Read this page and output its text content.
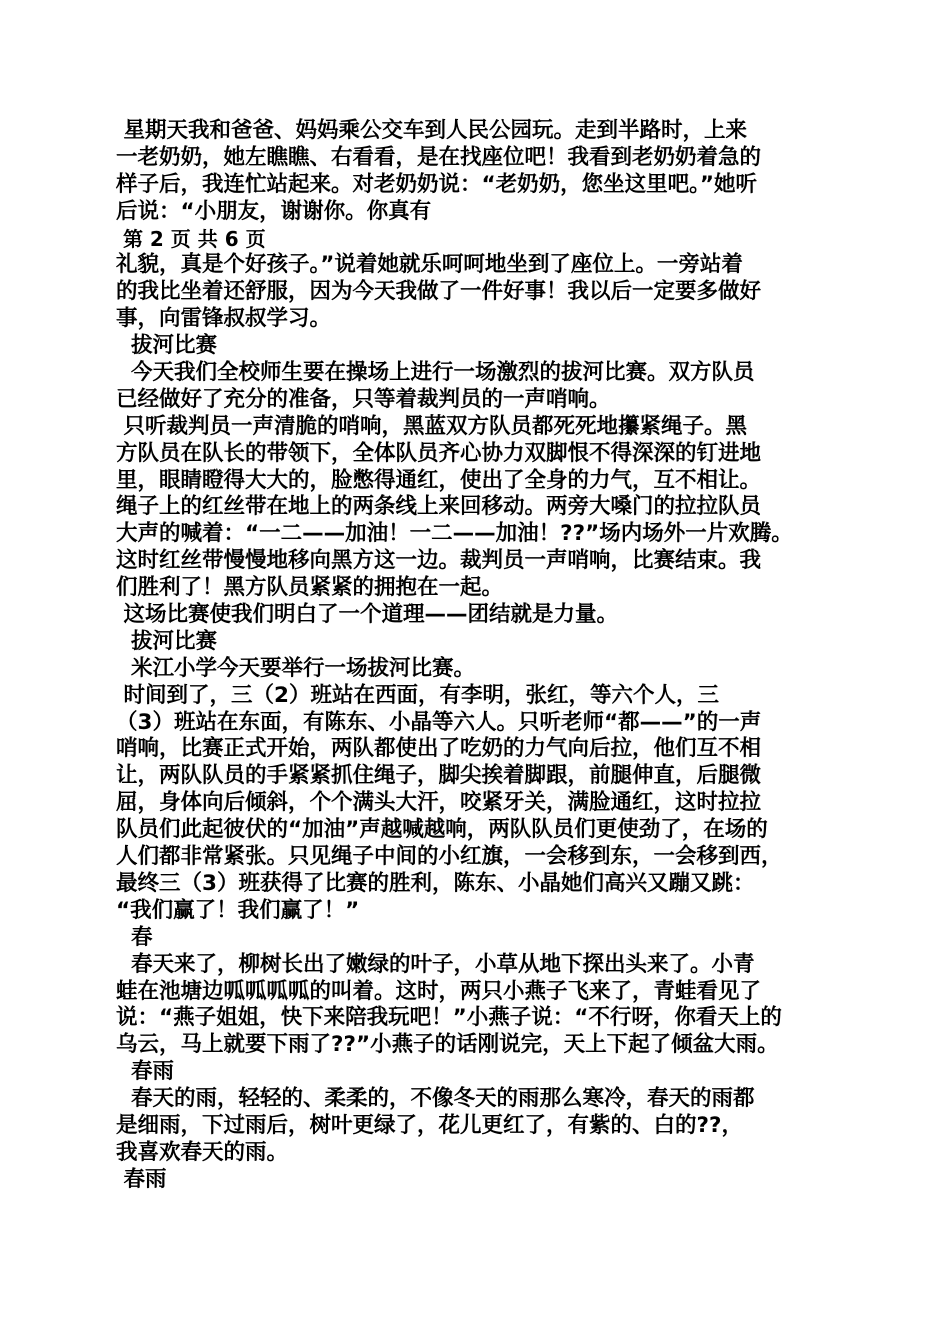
星期天我和爸爸、妈妈乘公交车到人民公园玩。走到半路时，上来
一老奶奶，她左瞧瞧、右看看，是在找座位吧！我看到老奶奶着急的
样子后，我连忙站起来。对老奶奶说：“老奶奶，您坐这里吧。”她听
后说：“小朋友，谢谢你。你真有
第 2 页 共 6 页
礼貌，真是个好孩子。”说着她就乐呵呵地坐到了座位上。一旁站着
的我比坐着还舒服，因为今天我做了一件好事！我以后一定要多做好
事，向雷锋叔叔学习。
拔河比赛
今天我们全校师生要在操场上进行一场激烈的拔河比赛。双方队员
已经做好了充分的准备，只等着裁判员的一声哨响。
只听裁判员一声清脆的哨响，黑蓝双方队员都死死地攥紧绳子。黑
方队员在队长的带领下，全体队员齐心协力双脚恨不得深深的钉进地
里，眼睛瞪得大大的，脸憋得通红，使出了全身的力气，互不相让。
绳子上的红丝带在地上的两条线上来回移动。两旁大嗓门的拉拉队员
大声的喊着：“一二——加油！一二——加油！??”场内场外一片欢腾。
这时红丝带慢慢地移向黑方这一边。裁判员一声哨响，比赛结束。我
们胜利了！黑方队员紧紧的拥抱在一起。
这场比赛使我们明白了一个道理——团结就是力量。
拔河比赛
米江小学今天要举行一场拔河比赛。
时间到了，三（2）班站在西面，有李明，张红，等六个人，三
（3）班站在东面，有陈东、小晶等六人。只听老师“都——”的一声
哨响，比赛正式开始，两队都使出了吃奶的力气向后拉，他们互不相
让，两队队员的手紧紧抓住绳子，脚尖挨着脚跟，前腿伸直，后腿微
屈，身体向后倾斜，个个满头大汗，咬紧牙关，满脸通红，这时拉拉
队员们此起彼伏的“加油”声越喊越响，两队队员们更使劲了，在场的
人们都非常紧张。只见绳子中间的小红旗，一会移到东，一会移到西，
最终三（3）班获得了比赛的胜利，陈东、小晶她们高兴又蹦又跳：
“我们赢了！我们赢了！”
春
春天来了，柳树长出了嫩绿的叶子，小草从地下探出头来了。小青
蛙在池塘边呱呱呱呱的叫着。这时，两只小燕子飞来了，青蛙看见了
说：“燕子姐姐，快下来陪我玩吧！”小燕子说：“不行呀，你看天上的
乌云，马上就要下雨了??”小燕子的话刚说完，天上下起了倾盆大雨。
春雨
春天的雨，轻轻的、柔柔的，不像冬天的雨那么寒冷，春天的雨都
是细雨，下过雨后，树叶更绿了，花儿更红了，有紫的、白的??，
我喜欢春天的雨。
春雨
